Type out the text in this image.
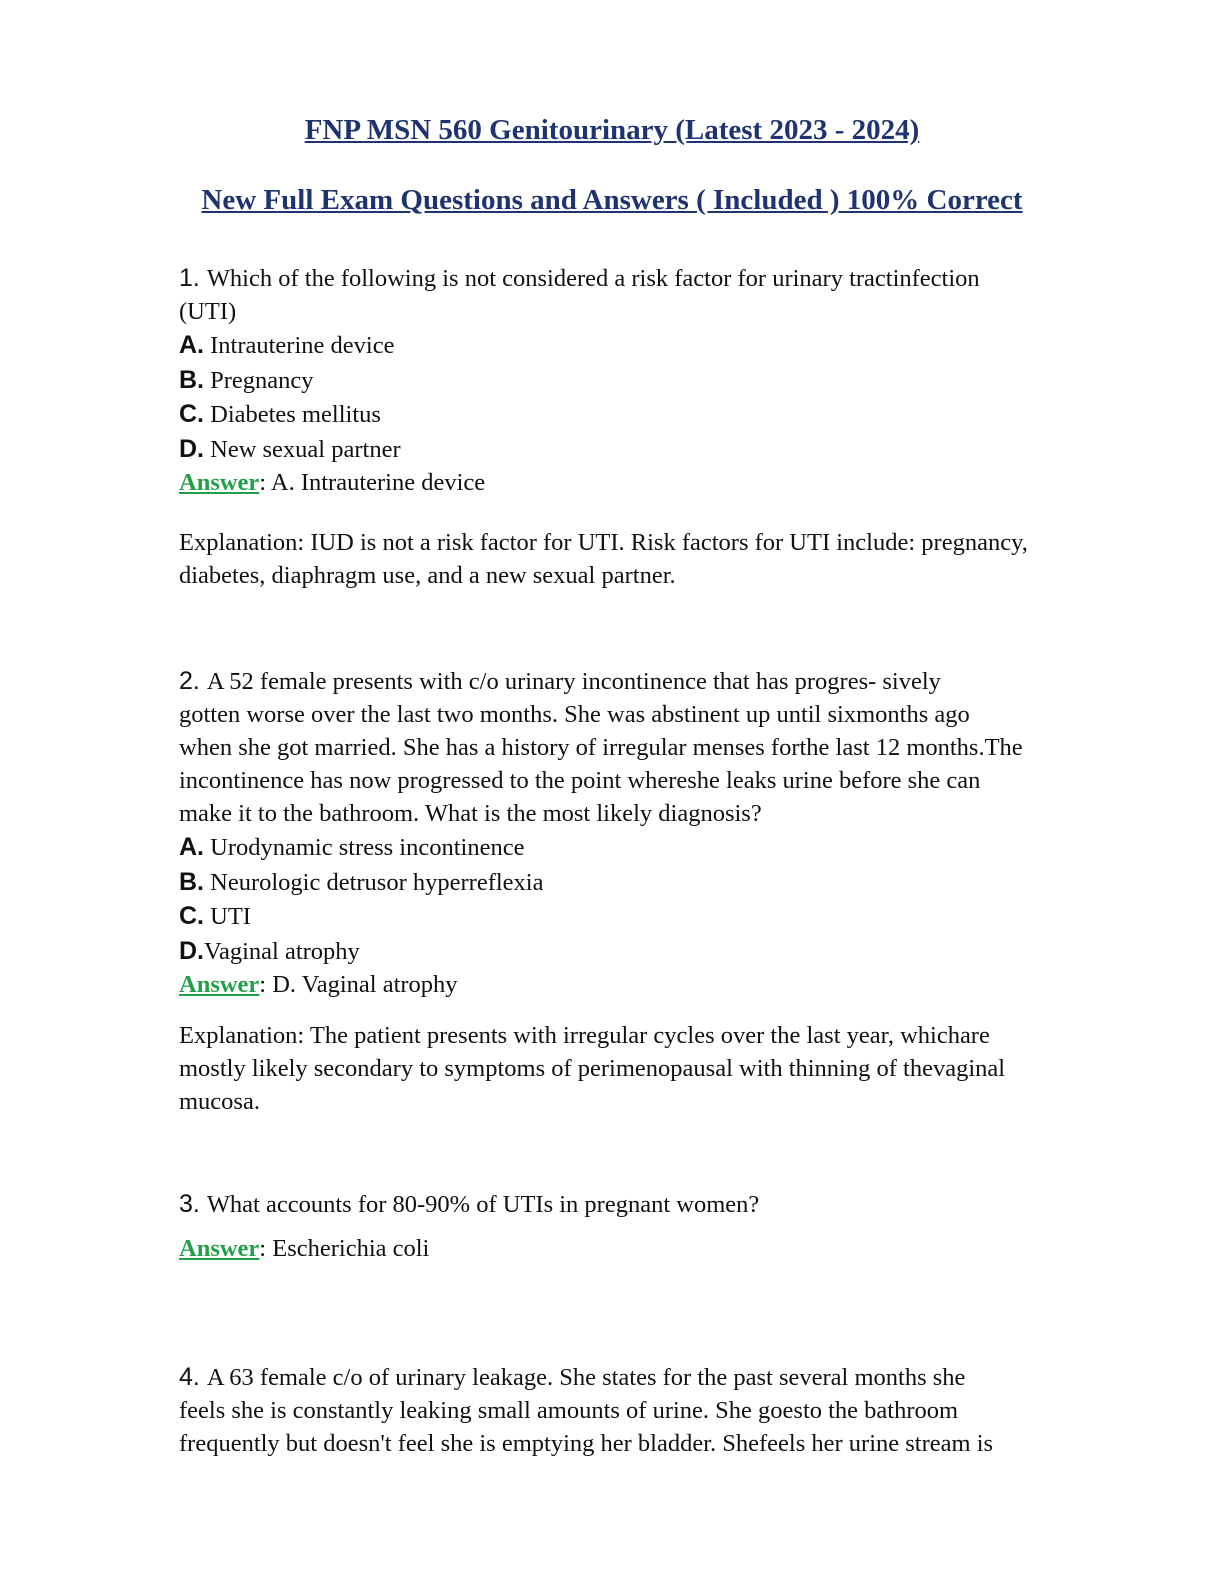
FNP MSN 560 Genitourinary (Latest 2023 - 2024)
New Full Exam Questions and Answers ( Included ) 100% Correct
1. Which of the following is not considered a risk factor for urinary tractinfection
(UTI)
A. Intrauterine device
B. Pregnancy
C. Diabetes mellitus
D. New sexual partner
Answer: A. Intrauterine device
Explanation: IUD is not a risk factor for UTI. Risk factors for UTI include: pregnancy,
diabetes, diaphragm use, and a new sexual partner.
2. A 52 female presents with c/o urinary incontinence that has progres- sively
gotten worse over the last two months. She was abstinent up until sixmonths ago
when she got married. She has a history of irregular menses forthe last 12 months.The
incontinence has now progressed to the point whereshe leaks urine before she can
make it to the bathroom. What is the most likely diagnosis?
A. Urodynamic stress incontinence
B. Neurologic detrusor hyperreflexia
C. UTI
D.Vaginal atrophy
Answer: D. Vaginal atrophy
Explanation: The patient presents with irregular cycles over the last year, whichare
mostly likely secondary to symptoms of perimenopausal with thinning of thevaginal
mucosa.
3. What accounts for 80-90% of UTIs in pregnant women?
Answer: Escherichia coli
4. A 63 female c/o of urinary leakage. She states for the past several months she
feels she is constantly leaking small amounts of urine. She goesto the bathroom
frequently but doesn't feel she is emptying her bladder. Shefeels her urine stream is
